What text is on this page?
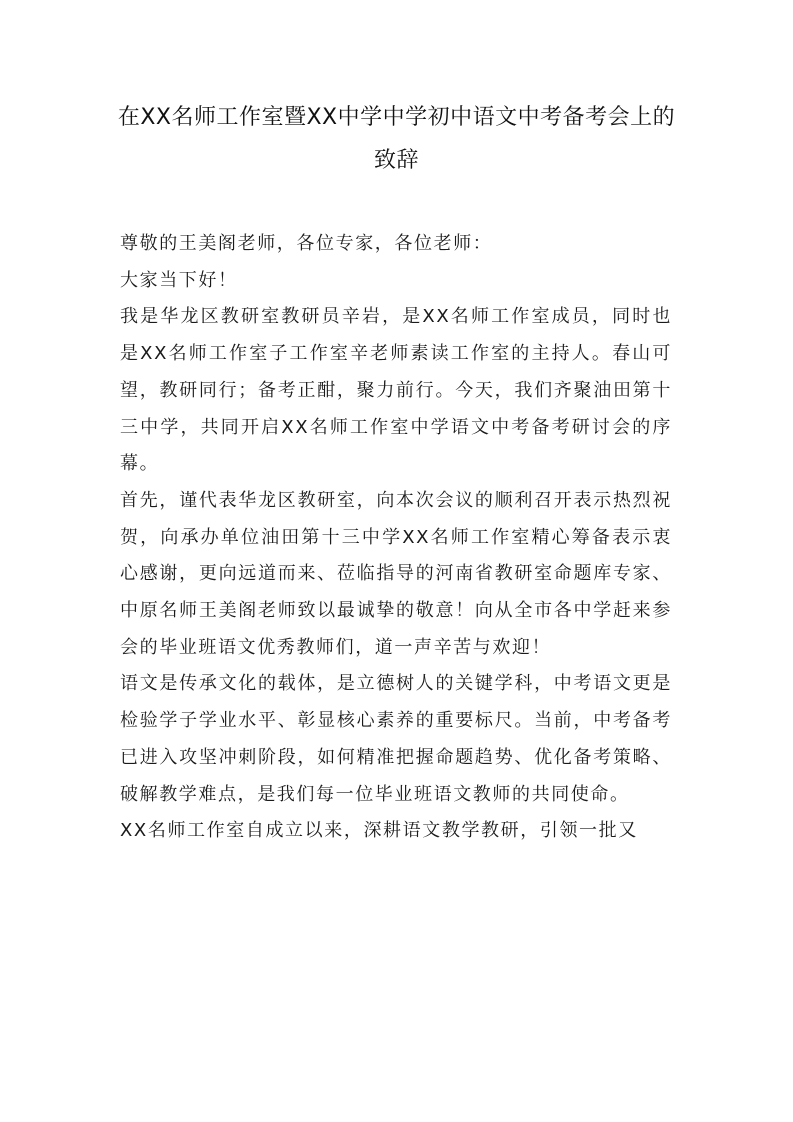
在XX名师工作室暨XX中学中学初中语文中考备考会上的致辞

尊敬的王美阁老师，各位专家，各位老师：

大家当下好！

我是华龙区教研室教研员辛岩，是XX名师工作室成员，同时也是XX名师工作室子工作室辛老师素读工作室的主持人。春山可望，教研同行；备考正酣，聚力前行。今天，我们齐聚油田第十三中学，共同开启XX名师工作室中学语文中考备考研讨会的序幕。

首先，谨代表华龙区教研室，向本次会议的顺利召开表示热烈祝贺，向承办单位油田第十三中学XX名师工作室精心筹备表示衷心感谢，更向远道而来、莅临指导的河南省教研室命题库专家、中原名师王美阁老师致以最诚挚的敬意！向从全市各中学赶来参会的毕业班语文优秀教师们，道一声辛苦与欢迎！

语文是传承文化的载体，是立德树人的关键学科，中考语文更是检验学子学业水平、彰显核心素养的重要标尺。当前，中考备考已进入攻坚冲刺阶段，如何精准把握命题趋势、优化备考策略、破解教学难点，是我们每一位毕业班语文教师的共同使命。

XX名师工作室自成立以来，深耕语文教学教研，引领一批又
